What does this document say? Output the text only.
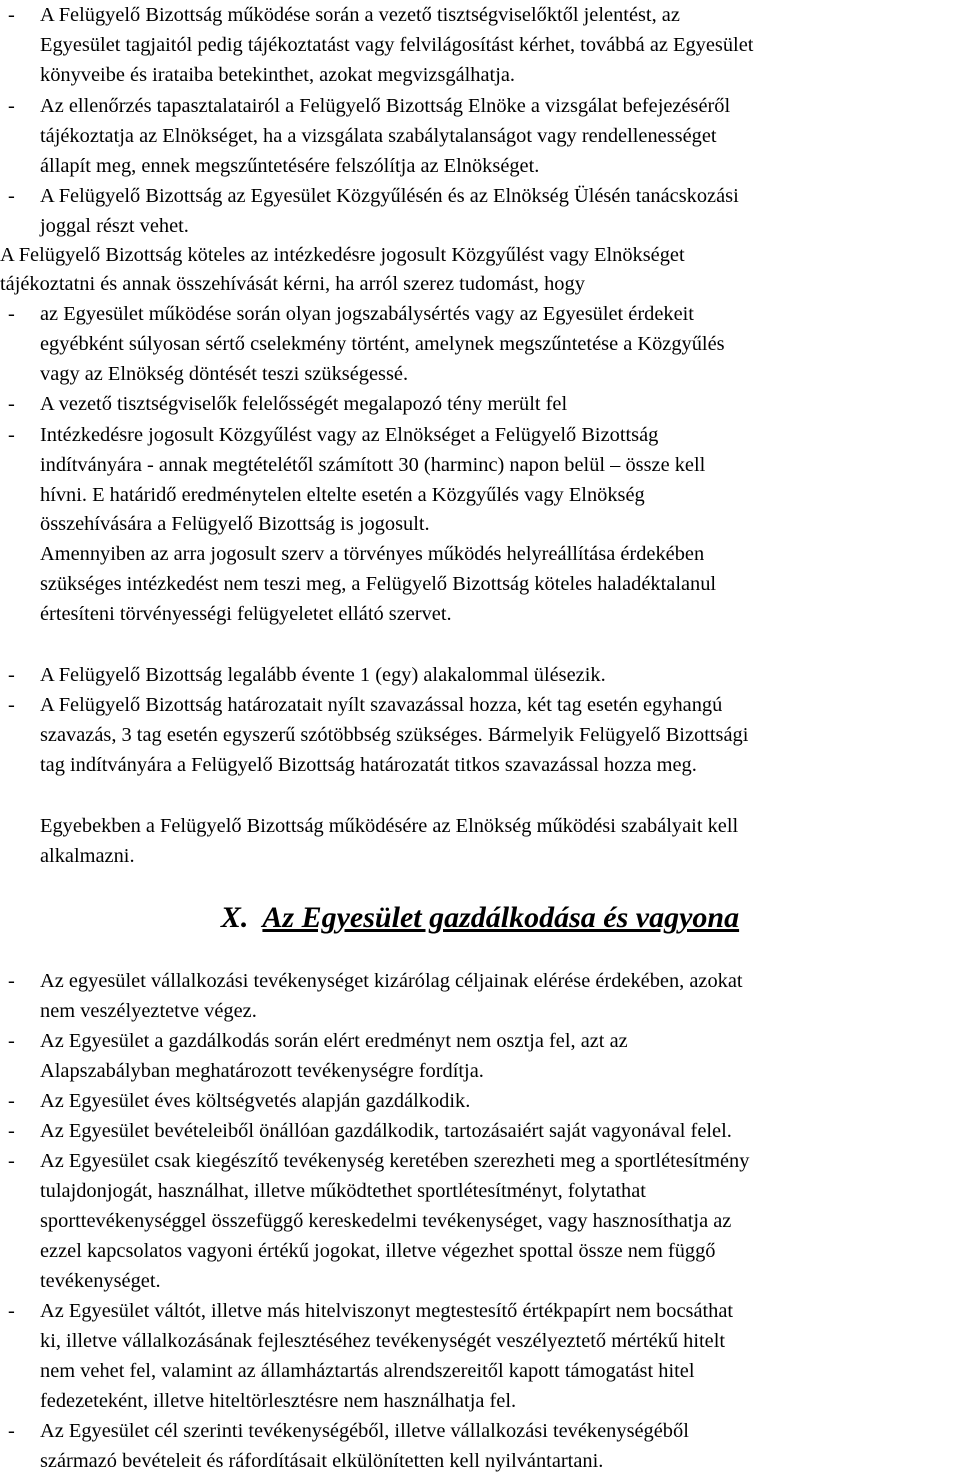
- A Felügyelő Bizottság működése során a vezető tisztségviselőktől jelentést, az
Egyesület tagjaitól pedig tájékoztatást vagy felvilágosítást kérhet, továbbá az Egyesület
könyveibe és irataiba betekinthet, azokat megvizsgálhatja.
- Az ellenőrzés tapasztalatairól a Felügyelő Bizottság Elnöke a vizsgálat befejezéséről
tájékoztatja az Elnökséget, ha a vizsgálata szabálytalanságot vagy rendellenességet
állapít meg, ennek megszűntetésére felszólítja az Elnökséget.
- A Felügyelő Bizottság az Egyesület Közgyűlésén és az Elnökség Ülésén tanácskozási
joggal részt vehet.
A Felügyelő Bizottság köteles az intézkedésre jogosult Közgyűlést vagy Elnökséget
tájékoztatni és annak összehívását kérni, ha arról szerez tudomást, hogy
- az Egyesület működése során olyan jogszabálysértés vagy az Egyesület érdekeit
egyébként súlyosan sértő cselekmény történt, amelynek megszűntetése a Közgyűlés
vagy az Elnökség döntését teszi szükségessé.
- A vezető tisztségviselők felelősségét megalapozó tény merült fel
- Intézkedésre jogosult Közgyűlést vagy az Elnökséget a Felügyelő Bizottság
indítványára - annak megtételétől számított 30 (harminc) napon belül – össze kell
hívni. E határidő eredménytelen eltelte esetén a Közgyűlés vagy Elnökség
összehívására a Felügyelő Bizottság is jogosult.
Amennyiben az arra jogosult szerv a törvényes működés helyreállítása érdekében
szükséges intézkedést nem teszi meg, a Felügyelő Bizottság köteles haladéktalanul
értesíteni törvényességi felügyeletet ellátó szervet.
- A Felügyelő Bizottság legalább évente 1 (egy) alakalommal ülésezik.
- A Felügyelő Bizottság határozatait nyílt szavazással hozza, két tag esetén egyhangú
szavazás, 3 tag esetén egyszerű szótöbbség szükséges. Bármelyik Felügyelő Bizottsági
tag indítványára a Felügyelő Bizottság határozatát titkos szavazással hozza meg.
Egyebekben a Felügyelő Bizottság működésére az Elnökség működési szabályait kell
alkalmazni.
X. Az Egyesület gazdálkodása és vagyona
- Az egyesület vállalkozási tevékenységet kizárólag céljainak elérése érdekében, azokat
nem veszélyeztetve végez.
- Az Egyesület a gazdálkodás során elért eredményt nem osztja fel, azt az
Alapszabályban meghatározott tevékenységre fordítja.
- Az Egyesület éves költségvetés alapján gazdálkodik.
- Az Egyesület bevételeiből önállóan gazdálkodik, tartozásaiért saját vagyonával felel.
- Az Egyesület csak kiegészítő tevékenység keretében szerezheti meg a sportlétesítmény
tulajdonjogát, használhat, illetve működtethet sportlétesítményt, folytathat
sporttevékenységgel összefüggő kereskedelmi tevékenységet, vagy hasznosíthatja az
ezzel kapcsolatos vagyoni értékű jogokat, illetve végezhet spottal össze nem függő
tevékenységet.
- Az Egyesület váltót, illetve más hitelviszonyt megtestesítő értékpapírt nem bocsáthat
ki, illetve vállalkozásának fejlesztéséhez tevékenységét veszélyeztető mértékű hitelt
nem vehet fel, valamint az államháztartás alrendszereitől kapott támogatást hitel
fedezeteként, illetve hiteltörlesztésre nem használhatja fel.
- Az Egyesület cél szerinti tevékenységéből, illetve vállalkozási tevékenységéből
származó bevételeit és ráfordításait elkülönítetten kell nyilvántartani.
